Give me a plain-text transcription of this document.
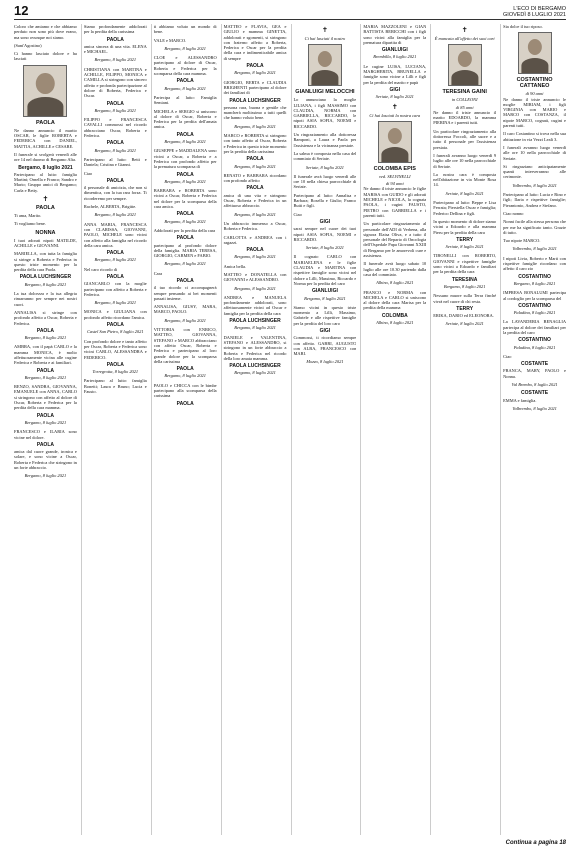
12	L'ECO DI BERGAMO
GIOVEDÌ 8 LUGLIO 2021

Coloro che amiamo e che abbiamo perduto non sono più dove erano, ma sono ovunque noi siamo.

(Sant'Agostino)

Ci hanno lasciato dolore e ha lasciati

PAOLA

Ne danno annuncio il marito OSCAR, le figlie ROBERTA e FEDERICA con DANIEL, MATTIA, ACHILLE e CESARE.

Il funerale si svolgerà venerdì alle ore 14 nel duomo di Bergamo Alta.

Bergamo, 8 luglio 2021

Partecipano al lutto: famiglia Martini; Ornella e Franco; Sandro e Mario; Gruppo amici di Bergamo; Carla e Betty.

✝
PAOLA

Ti ama, Marito.

Ti vogliamo bene.

NONNA

I tuoi adorati nipoti MATILDE, ACHILLE e GIOVANNI.

MARIELLA, con tutta la famiglia si stringe a Roberta e Federica in questo triste momento per la perdita della cara Paola.

PAOLA LUCHSINGER
Bergamo, 8 luglio 2021

La tua dolcezza e la tua allegria rimarranno per sempre nei nostri cuori.

ANNALISA si stringe con profondo affetto a Oscar, Roberta e Federica.

PAOLA
Bergamo, 8 luglio 2021

AMBRA, con il papà CARLO e la mamma MONICA, è molto affettuosamente vicina alle cugine Federica e Roberta e ai familiari.

PAOLA
Bergamo, 8 luglio 2021

RENZO, SANDRA, GIOVANNA, EMANUELE con ANNA, CARLO si stringono con affetto al dolore di Oscar, Roberta e Federica per la perdita della cara mamma.

PAOLA
Bergamo, 8 luglio 2021

FRANCESCO e ILARIA sono vicine nel dolore.

PAOLA

amica dal cuore grande, ironica e solare, e sono vicine a Oscar, Roberta e Federica che stringono in un forte abbraccio.

Bergamo, 8 luglio 2021

Siamo profondamente addolorati per la perdita della carissima

PAOLA

amica sincera di una vita. ELENA e MICHAEL.

Bergamo, 8 luglio 2021

CHRISTIANA con MARTINA e ACHILLE, FILIPPO, MONICA e CAMILLA si stringono con sincero affetto e profonda partecipazione al dolore di Roberta, Federica e Oscar.

PAOLA
Bergamo, 8 luglio 2021

FILIPPO e FRANCESCA CAVALLI commossi nel ricordo abbracciano Oscar, Roberta e Federica.

PAOLA
Bergamo, 8 luglio 2021

Partecipano al lutto: Betti e Daniela; Cristina e Gianni.

Ciao

PAOLA

il personale di amicizia, che non si dimentica, con la tua rara forza. Ti ricorderemo per sempre.

Rachele, ALBERTA, Brigitte.

Bergamo, 8 luglio 2021

ANNA MARIA, FRANCESCA con CLARISSA, GIOVANNI, PAOLO, MICHELE sono vicini con affetto alla famiglia nel ricordo della cara amica.

PAOLA
Bergamo, 8 luglio 2021

Nel caro ricordo di

PAOLA

GIANCARLO con la moglie partecipano con affetto a Roberta e Federica.

Bergamo, 8 luglio 2021

MONICA e GIULIANA con profondo affetto ricordano l'amica.

PAOLA
Castel San Pietro, 8 luglio 2021

Con profondo dolore e tanto affetto per Oscar, Roberta e Federica sono vicini CARLO, ALESSANDRA e FEDERICO.

PAOLA
Torregrotta, 8 luglio 2021

Partecipano al lutto: famiglia Bonetti; Laura e Bruno; Lucia e Fausto.

ti abbiamo voluto un mondo di bene.

VALE e MARCO.

Bergamo, 8 luglio 2021

CLOE e ALESSANDRO partecipano al dolore di Oscar, Roberta e Federica per la scomparsa della cara mamma.

PAOLA
Bergamo, 8 luglio 2021

Partecipa al lutto: Famiglia Semiani.

MICHELA e SERGIO si uniscono al dolore di Oscar, Roberta e Federica per la perdita dell'amata amica.

PAOLA
Bergamo, 8 luglio 2021

GIUSEPPE e MADDALENA sono vicini a Oscar, a Roberta e a Federica con profondo affetto per la prematura scomparsa di

PAOLA
Bergamo, 8 luglio 2021

BARBARA e ROBERTA sono vicini a Oscar, Roberta e Federica nel dolore per la scomparsa della cara amica.

PAOLA
Bergamo, 8 luglio 2021

Addolorati per la perdita della cara

PAOLA

partecipano al profondo dolore della famiglia. MARIA TERESA, GIORGIO, CARMEN e FABIO.

Bergamo, 8 luglio 2021

Cara

PAOLA

il tuo ricordo ci accompagnerà sempre pensando ai bei momenti passati insieme.

ANNALISA, GIUSY, MARA, MARCO, PAOLO.

Bergamo, 8 luglio 2021

VITTORIA con ENRICO, MATTEO, GIOVANNA, STEFANO e MARCO abbracciano con affetto Oscar, Roberta e Federica e partecipano al loro grande dolore per la scomparsa della carissima

PAOLA
Bergamo, 8 luglio 2021

PAOLO e CHICCA con le bimbe partecipano alla scomparsa della carissima

PAOLA

MATTEO e FLAVIA, GEA e GIULIO e mamma GINETTA, addolorati e sgomenti, si stringono con fraterno affetto a Roberta, Federica e Oscar per la perdita della cara e indimenticabile amica di sempre

PAOLA
Bergamo, 8 luglio 2021

GIORGIO, BERTA e CLAUDIA BRIGHENTI partecipano al dolore dei familiari di

PAOLA LUCHSINGER

persona rara, buona e gentile che mancherà moltissimo a tutti quelli che hanno voluto bene.

Bergamo, 8 luglio 2021

MARCO e ROBERTA si stringono con tanto affetto al Oscar, Roberta e Federica in questo triste momento per la perdita della carissima

PAOLA
Bergamo, 8 luglio 2021

RENATO e BARBARA ricordano con profondo affetto

PAOLA

amica di una vita e stringono Oscar, Roberta e Federica in un affettuoso abbraccio.

Bergamo, 8 luglio 2021

Un abbraccio immenso a Oscar, Roberta e Federica.

CARLOTTA e ANDREA con i ragazzi.

PAOLA
Bergamo, 8 luglio 2021

Amica bella.

MATTEO e DONATELLA con GIOVANNI e ALESSANDRO.

Bergamo, 8 luglio 2021

ANDREA e MANUELA profondamente addolorati, sono affettuosamente vicini ad Oscar e famiglia per la perdita della cara

PAOLA LUCHSINGER
Bergamo, 8 luglio 2021

DANIELE e VALENTINA, STEFANO e ALESSANDRO, si stringono in un forte abbraccio a Roberta e Federica nel ricordo della loro amata mamma.

PAOLA LUCHSINGER
Bergamo, 8 luglio 2021
✝
Ci hai lasciati il nostro
GIANLUIGI MELOCCHI

Lo annunciano la moglie LILIANA, i figli MASSIMO con CLAUDIA, NORMA con GABRIELLA, RICCARDO, le nipoti ASIA SOFIA, NOEMI e RICCARDO.

Un ringraziamento alla dottoressa Ramponi, a Laura e Paola per l'assistenza e la vicinanza prestate.

La salma è composta nella casa del commiato di Seriate.

Seriate, 8 luglio 2021

Il funerale avrà luogo venerdì alle ore 10 nella chiesa parrocchiale di Seriate.

Partecipano al lutto: Annalisa e Barbara; Rosella e Giulio; Franco Butti e figli.

Ciao

GIGI

sarai sempre nel cuore dei tuoi nipoti ASIA SOFIA, NOEMI e RICCARDO.

Seriate, 8 luglio 2021

Il cognato CARLO con MARIAELENA e le figlie CLAUDIA e MARTINA con rispettive famiglie sono vicini nel dolore a Lilli, Massimo, Riccardo e Norma per la perdita del caro

GIANLUIGI
Bergamo, 8 luglio 2021

Siamo vicini in questo triste momento a Lilli, Massimo, Gabriele e alle rispettive famiglie per la perdita del loro caro

GIGI

Commossi, ti ricordiamo sempre con affetto. GABRI, AUGUSTO con ALBA, FRANCESCO con MARI.

Mozzo, 8 luglio 2021

MARIA MAZZOLENI e GIAN BATTISTA BERICCHI con i figli sono vicini alla famiglia per la prematura dipartita di

GIANLUIGI
Brembilla, 8 luglio 2021

Le cugine LUISA, LUCIANA, MARGHERITA, BRUNELLA e famiglie sono vicine a Lilli e figli per la perdita del marito e papà

GIGI
Seriate, 8 luglio 2021
✝
Ci hai lasciati la nostra cara
COLOMBA EPIS
ved. SELVINELLI
di 94 anni

Ne danno il triste annuncio le figlie MARISA con GUIDO e gli adorati MICHELE e NICOLA, la cognata PAOLA, i cugini FAUSTO, PIETRO con GABRIELLA e i parenti tutti.

Un particolare ringraziamento al personale dell'ADI di Verbena, alla signora Elaisa Oliva, e a tutto il personale del Reparto di Oncologia dell'Ospedale Papa Giovanni XXIII di Bergamo per le amorevoli cure e assistenza.

Il funerale avrà luogo sabato 10 luglio alle ore 10.30 partendo dalla casa del commiato.

Albino, 8 luglio 2021

FRANCO e NORMA con MICHELA e CARLO si uniscono al dolore della cara Marisa per la perdita della mamma

COLOMBA
Albino, 8 luglio 2021
✝
È mancata all'affetto dei suoi cari
TERESINA GAINI
in COLLEONI
di 85 anni

Ne danno il triste annuncio il marito EDOARDO, la mamma PIERINA e i parenti tutti.

Un particolare ringraziamento alla dottoressa Foccoli, alle suore e a tutto il personale per l'assistenza prestata.

I funerali avranno luogo venerdì 9 luglio alle ore 10 nella parrocchiale di Seriate.

La nostra cara è composta nell'abitazione in via Monte Rosa 14.

Seriate, 8 luglio 2021

Partecipano al lutto: Beppe e Lisa Ferrata; Pierstella Oscar e famiglia; Federico Dellina e figli.

In questo momento di dolore siamo vicini a Edoardo e alla mamma Pieru per la perdita della cara

TERRY
Seriate, 8 luglio 2021

TIBONELLI con ROBERTO, GIOVANNI e rispettive famiglie sono vicini a Edoardo e familiari per la perdita della cara

TERESINA
Bergamo, 8 luglio 2021

Nessuno muore sulla Terra finché vivrà nel cuore di chi resta.

TERRY

ERIKA, DARIO ed ELEONORA.

Seriate, 8 luglio 2021

Sia dolce il tuo riposo.

COSTANTINO CATTANEO
di 90 anni

Ne danno il triste annuncio le moglie MIRIAM, i figli VIRGINIA con MARIO e MARCO con COSTANZA, il nipote MARCO, cognati, cugini e parenti tutti.

Il caro Costantino si trova nella sua abitazione in via Vezzi Leali 3.

I funerali avranno luogo venerdì alle ore 10 nella parrocchiale di Seriate.

Si ringraziano anticipatamente quanti interverranno alle cerimonie.

Valbrembo, 8 luglio 2021

Partecipano al lutto: Lucia e Rino e figli; Ilaria e rispettive famiglie; Pierantonio, Andrea e Stefano.

Ciao nonno

Nonni facile alla stessa persona che per me ha significato tanto. Grazie di tutto.

Tuo nipote MARCO.

Valbrembo, 8 luglio 2021

I nipoti Livia, Roberto e Marti con rispettive famiglie ricordano con affetto il caro zio

COSTANTINO
Bergamo, 8 luglio 2021

IMPRESA BONALUMI partecipa al cordoglio per la scomparsa del

COSTANTINO
Paladina, 8 luglio 2021

La LAVANDERIA BENAGLIA partecipa al dolore dei familiari per la perdita del caro

COSTANTINO
Paladina, 8 luglio 2021

Ciao

COSTANTE

FRANCA, MARY, PAOLO e Nonna.

Val Brembo, 8 luglio 2021
COSTANTE

EMMA e famiglia.

Valbrembo, 8 luglio 2021
Continua a pagina 18
